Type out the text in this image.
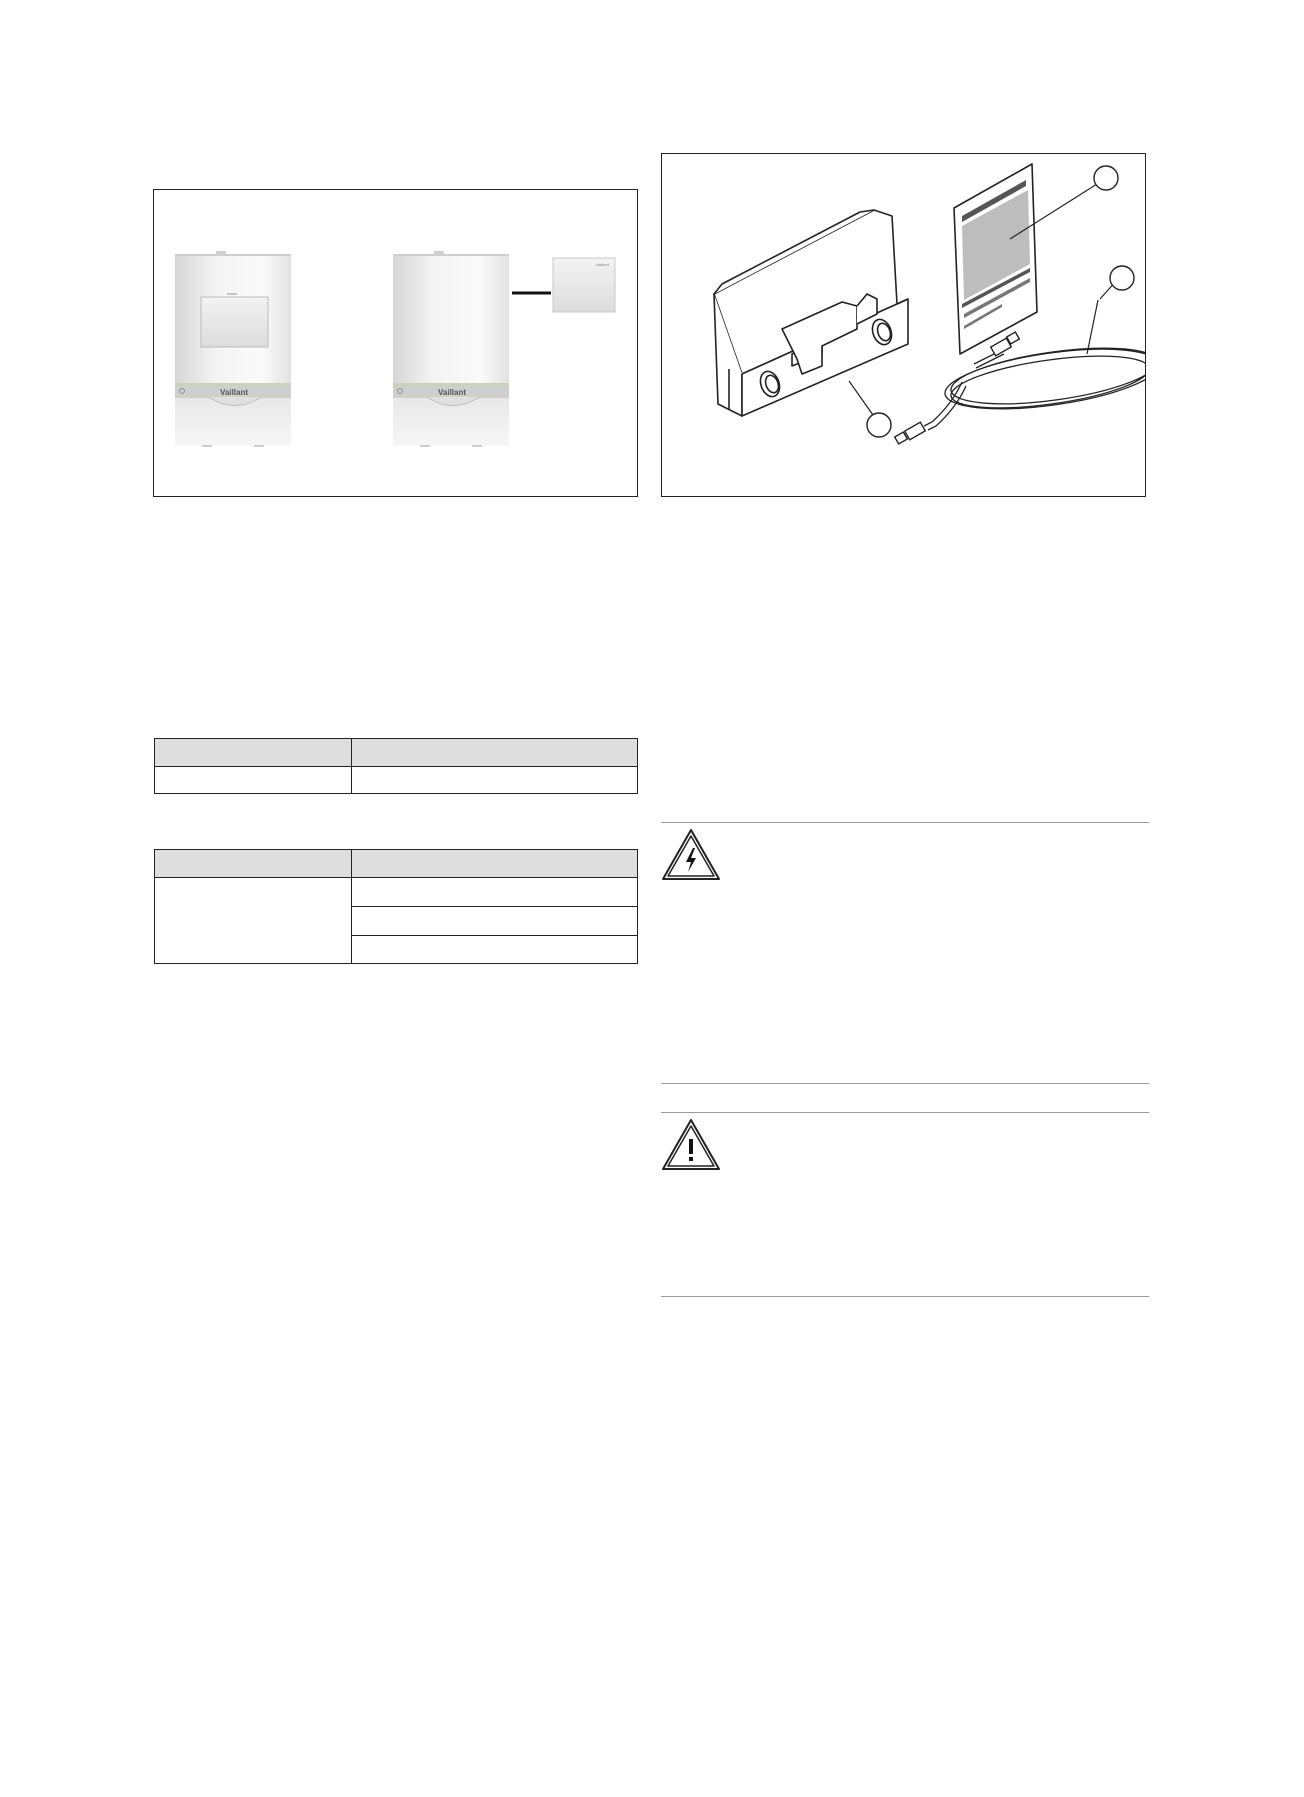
Vaillant	Vaillant
Vaillant
